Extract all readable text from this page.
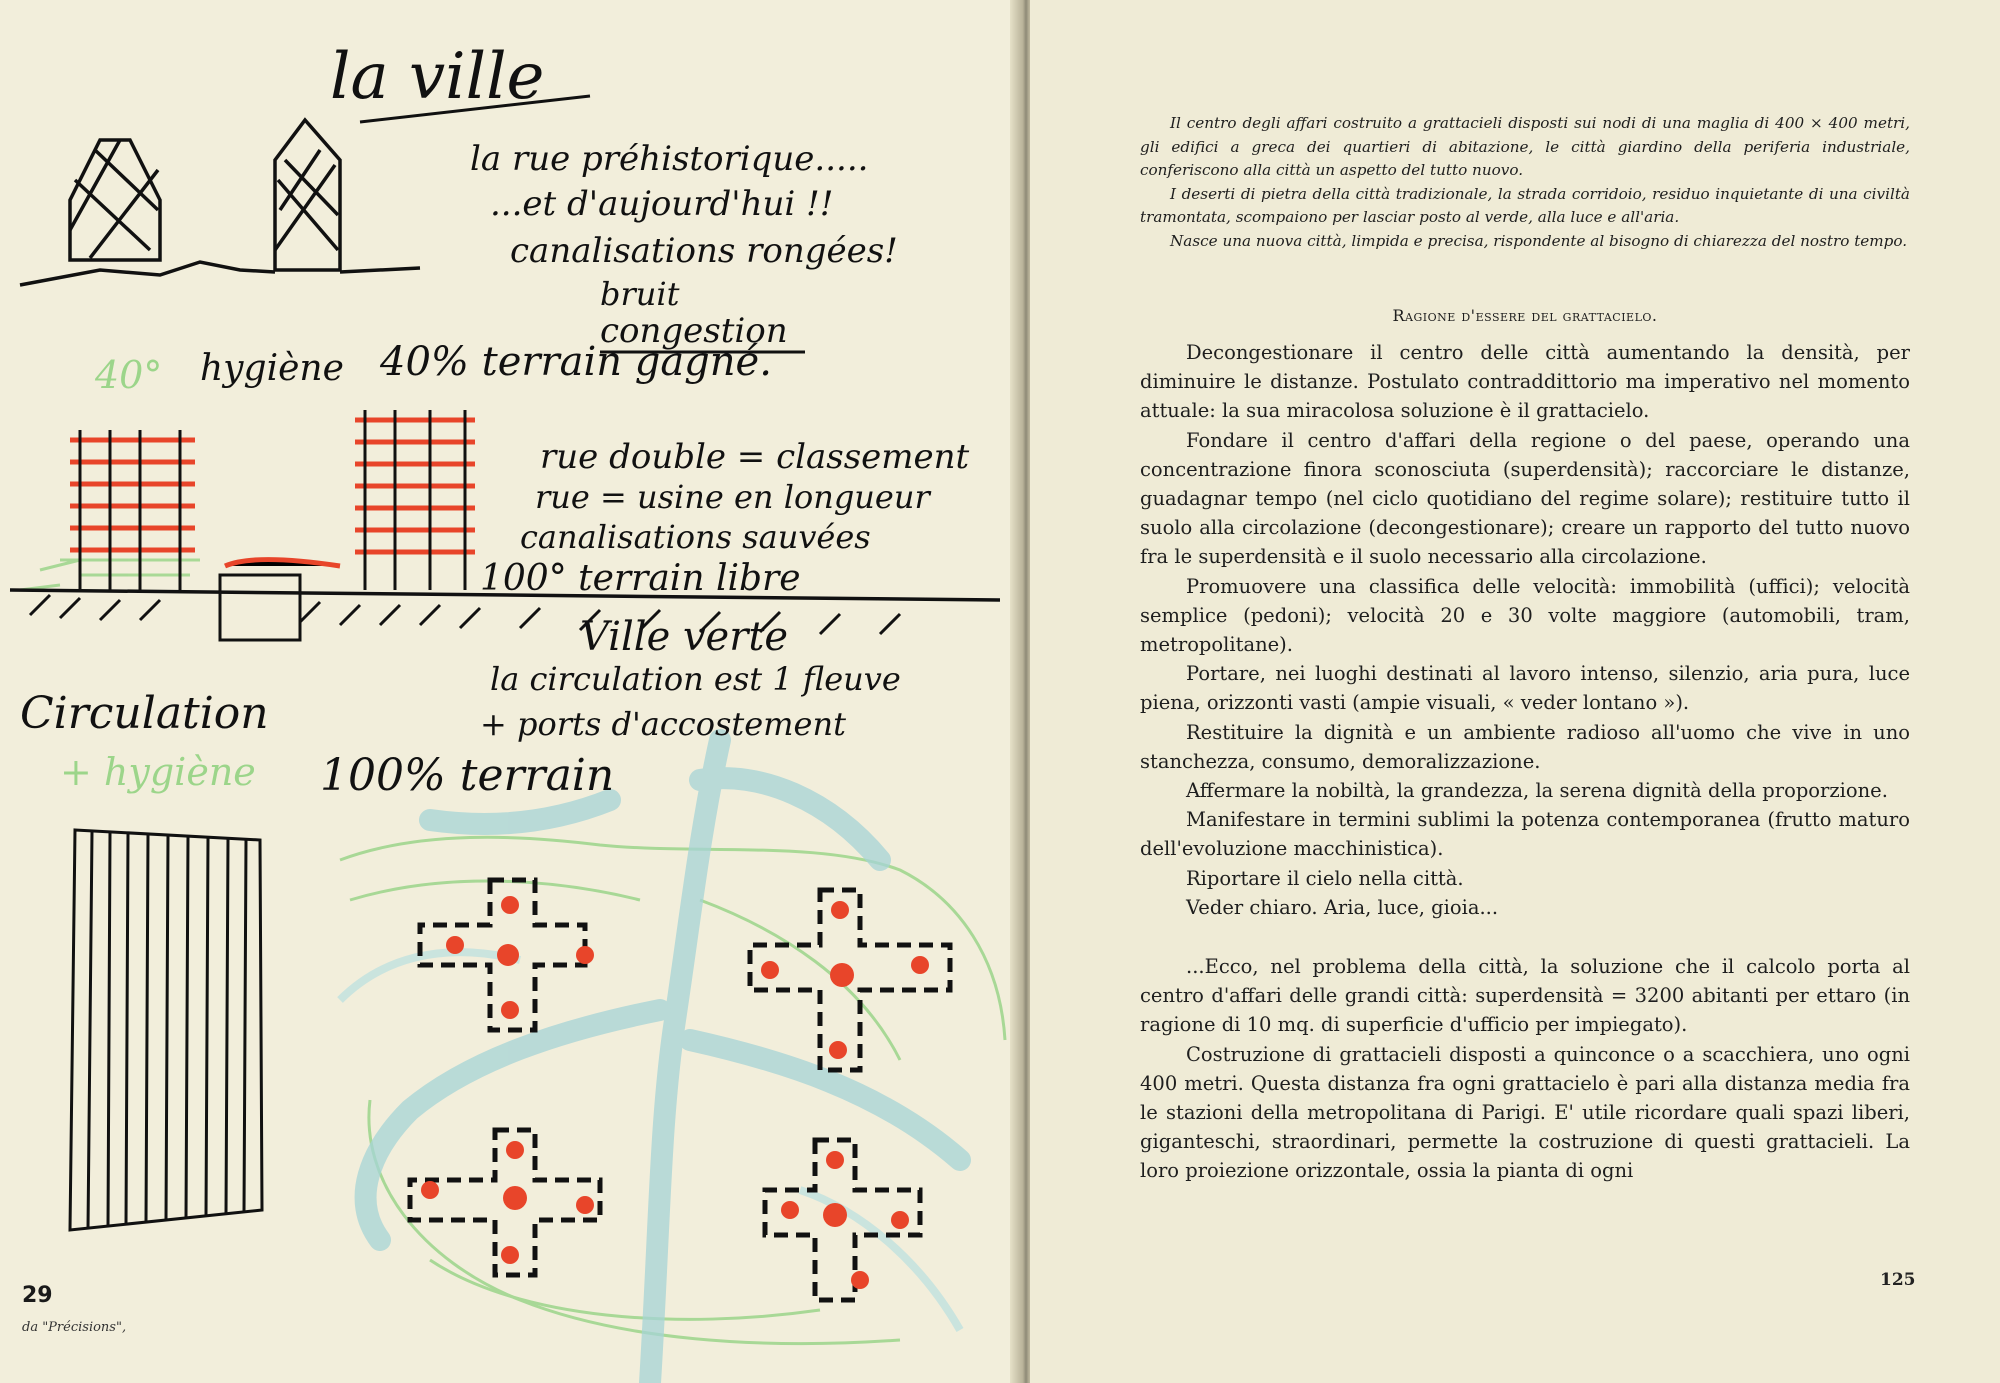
la ville
la rue préhistorique.....
...et d'aujourd'hui !!
canalisations rongées!
bruit
congestion
40° hygiène 40% terrain gagné.
rue double = classement
rue = usine en longueur
canalisations sauvées
100° terrain libre
Ville verte
la circulation est 1 fleuve
+ ports d'accostement
Circulation
+ hygiène 100% terrain
29
da "Précisions",

Il centro degli affari costruito a grattacieli disposti sui nodi di una maglia di 400 × 400 metri, gli edifici a greca dei quartieri di abitazione, le città giardino della periferia industriale, conferiscono alla città un aspetto del tutto nuovo.

I deserti di pietra della città tradizionale, la strada corridoio, residuo inquietante di una civiltà tramontata, scompaiono per lasciar posto al verde, alla luce e all'aria.

Nasce una nuova città, limpida e precisa, rispondente al bisogno di chiarezza del nostro tempo.

Ragione d'essere del grattacielo.

Decongestionare il centro delle città aumentando la densità, per diminuire le distanze. Postulato contraddittorio ma imperativo nel momento attuale: la sua miracolosa soluzione è il grattacielo.

Fondare il centro d'affari della regione o del paese, operando una concentrazione finora sconosciuta (superdensità); raccorciare le distanze, guadagnar tempo (nel ciclo quotidiano del regime solare); restituire tutto il suolo alla circolazione (decongestionare); creare un rapporto del tutto nuovo fra le superdensità e il suolo necessario alla circolazione.

Promuovere una classifica delle velocità: immobilità (uffici); velocità semplice (pedoni); velocità 20 e 30 volte maggiore (automobili, tram, metropolitane).

Portare, nei luoghi destinati al lavoro intenso, silenzio, aria pura, luce piena, orizzonti vasti (ampie visuali, « veder lontano »).

Restituire la dignità e un ambiente radioso all'uomo che vive in uno stanchezza, consumo, demoralizzazione.

Affermare la nobiltà, la grandezza, la serena dignità della proporzione.

Manifestare in termini sublimi la potenza contemporanea (frutto maturo dell'evoluzione macchinistica).

Riportare il cielo nella città.

Veder chiaro. Aria, luce, gioia...

...Ecco, nel problema della città, la soluzione che il calcolo porta al centro d'affari delle grandi città: superdensità = 3200 abitanti per ettaro (in ragione di 10 mq. di superficie d'ufficio per impiegato).

Costruzione di grattacieli disposti a quinconce o a scacchiera, uno ogni 400 metri. Questa distanza fra ogni grattacielo è pari alla distanza media fra le stazioni della metropolitana di Parigi. E' utile ricordare quali spazi liberi, giganteschi, straordinari, permette la costruzione di questi grattacieli. La loro proiezione orizzontale, ossia la pianta di ogni

125
